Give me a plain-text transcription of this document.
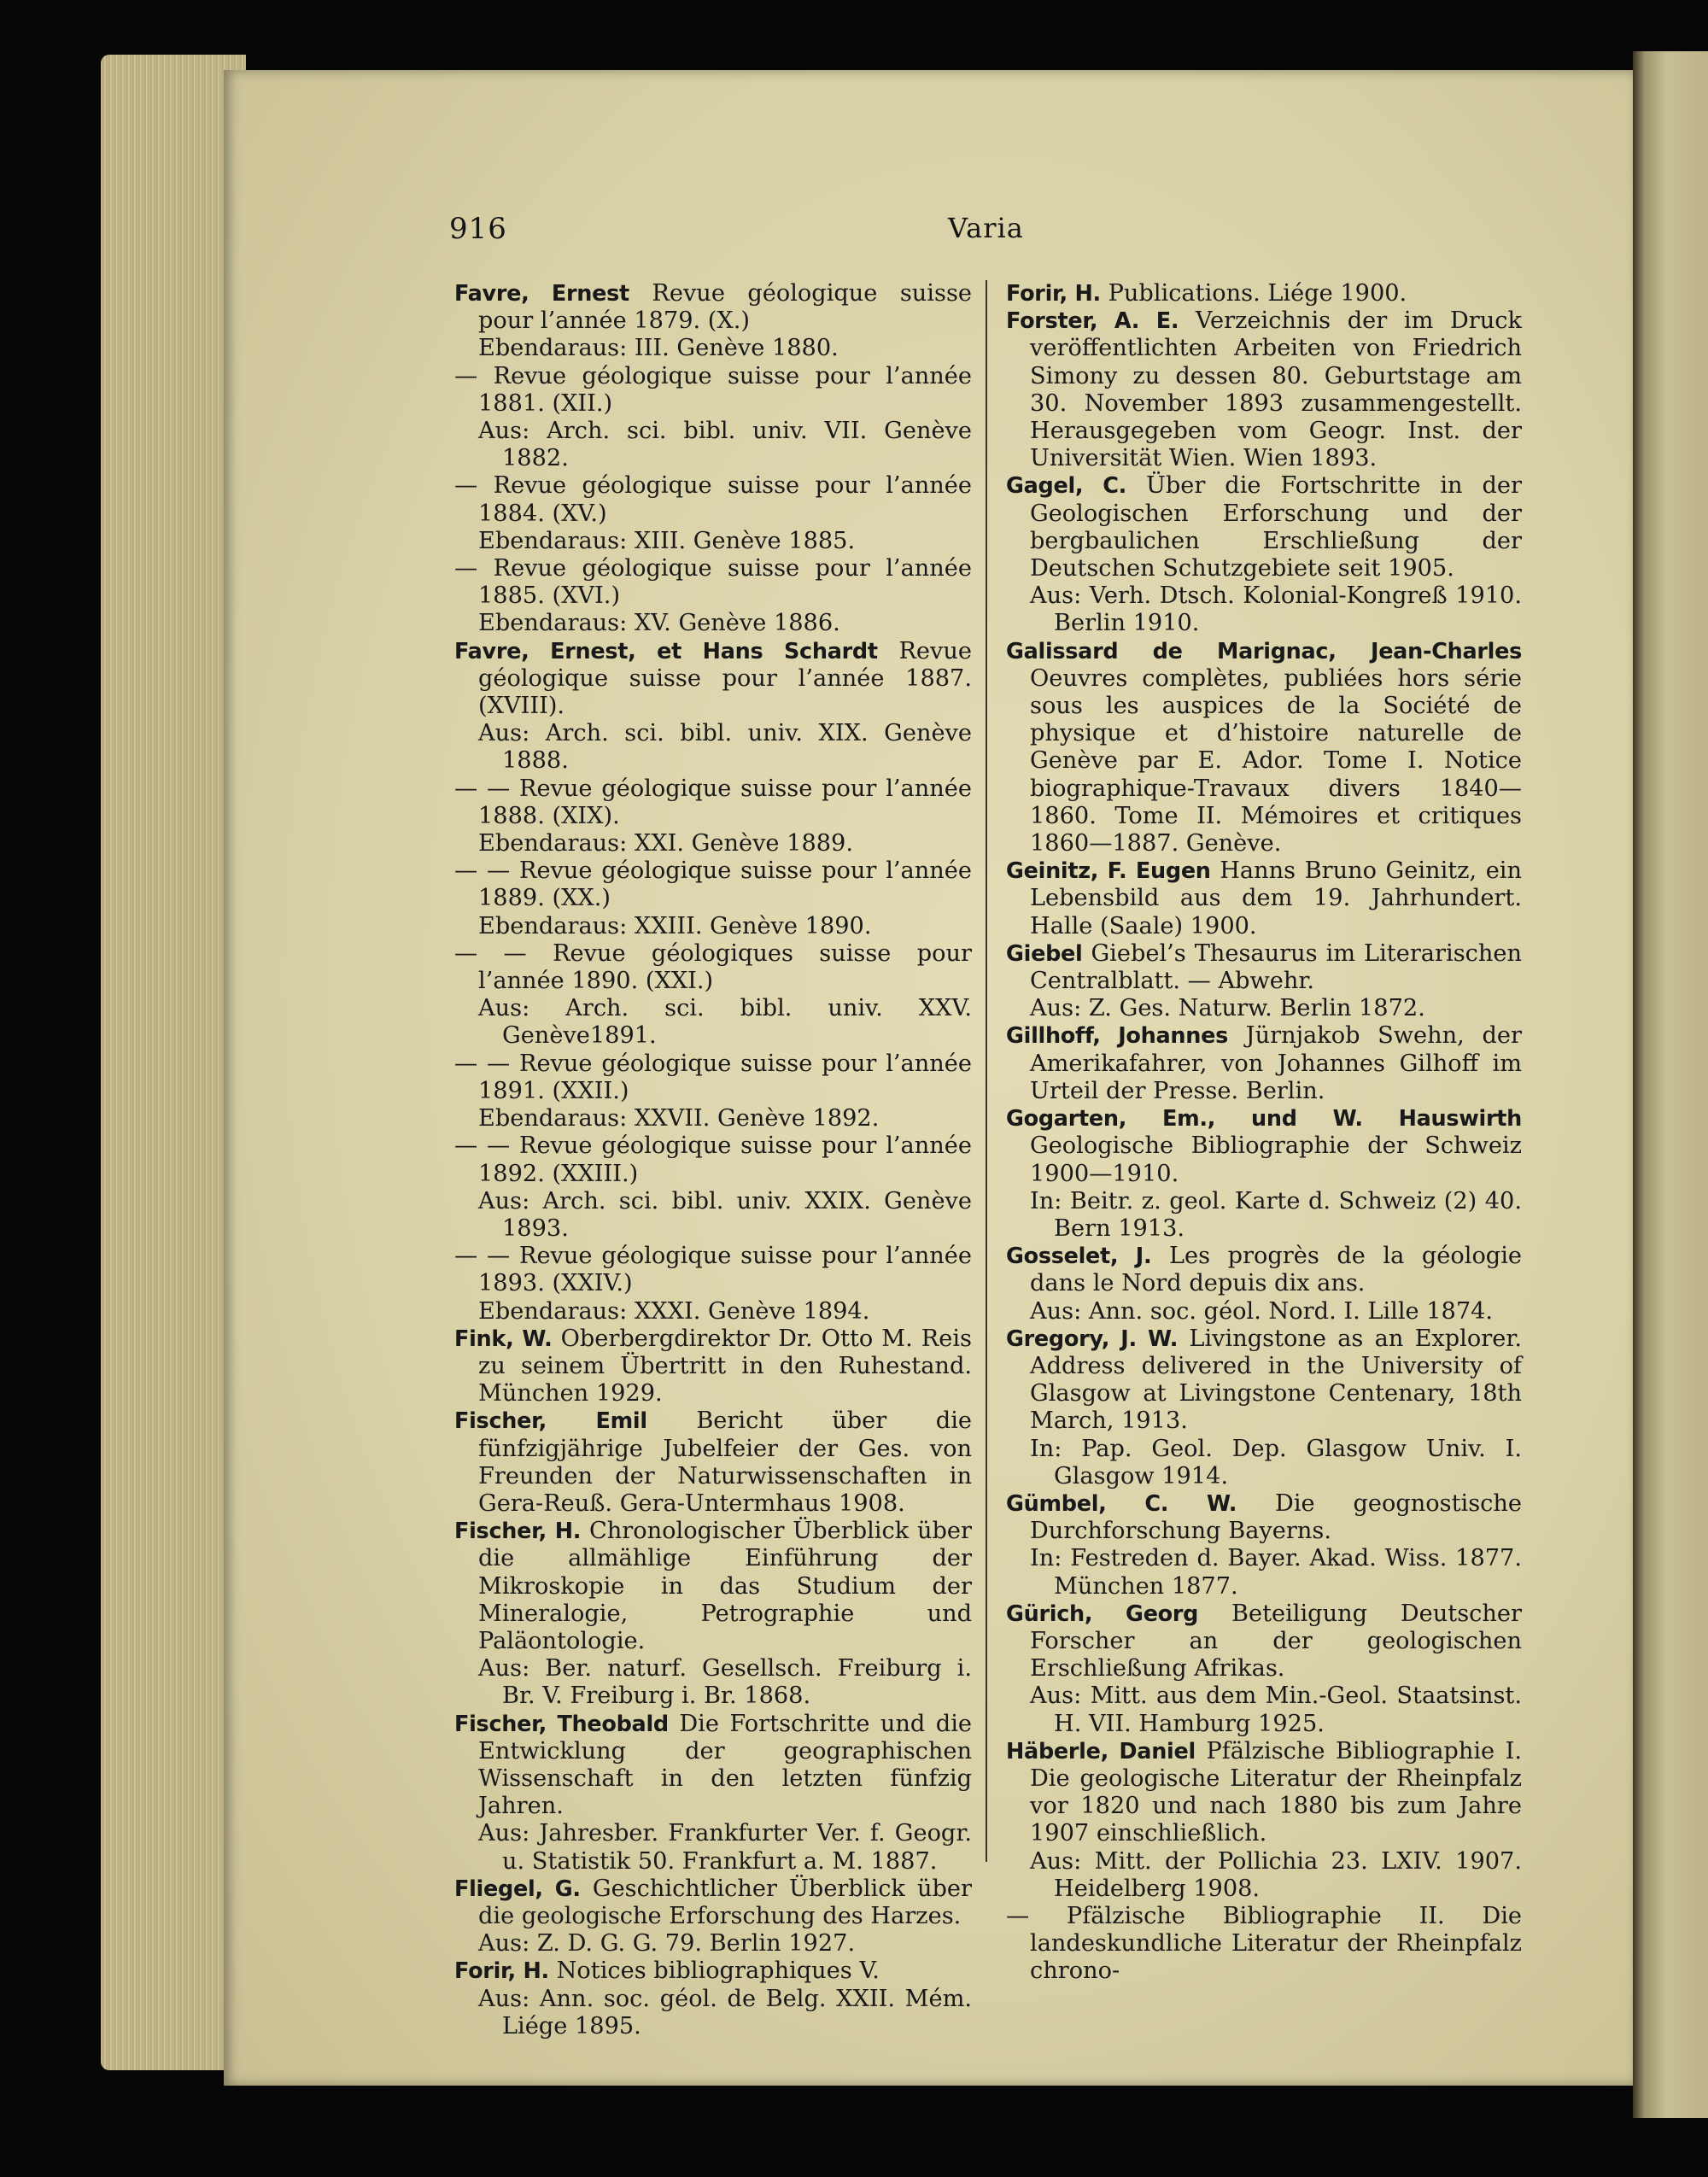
916	Varia
Favre, Ernest Revue géologique suisse pour l’année 1879. (X.)
Ebendaraus: III. Genève 1880.
— Revue géologique suisse pour l’année 1881. (XII.)
Aus: Arch. sci. bibl. univ. VII. Genève 1882.
— Revue géologique suisse pour l’année 1884. (XV.)
Ebendaraus: XIII. Genève 1885.
— Revue géologique suisse pour l’année 1885. (XVI.)
Ebendaraus: XV. Genève 1886.
Favre, Ernest, et Hans Schardt Revue géologique suisse pour l’année 1887. (XVIII).
Aus: Arch. sci. bibl. univ. XIX. Genève 1888.
— — Revue géologique suisse pour l’année 1888. (XIX).
Ebendaraus: XXI. Genève 1889.
— — Revue géologique suisse pour l’année 1889. (XX.)
Ebendaraus: XXIII. Genève 1890.
— — Revue géologiques suisse pour l’année 1890. (XXI.)
Aus: Arch. sci. bibl. univ. XXV. Genève1891.
— — Revue géologique suisse pour l’année 1891. (XXII.)
Ebendaraus: XXVII. Genève 1892.
— — Revue géologique suisse pour l’année 1892. (XXIII.)
Aus: Arch. sci. bibl. univ. XXIX. Genève 1893.
— — Revue géologique suisse pour l’année 1893. (XXIV.)
Ebendaraus: XXXI. Genève 1894.
Fink, W. Oberbergdirektor Dr. Otto M. Reis zu seinem Übertritt in den Ruhestand. München 1929.
Fischer, Emil Bericht über die fünfzigjährige Jubelfeier der Ges. von Freunden der Naturwissenschaften in Gera-Reuß. Gera-Untermhaus 1908.
Fischer, H. Chronologischer Überblick über die allmählige Einführung der Mikroskopie in das Studium der Mineralogie, Petrographie und Paläontologie.
Aus: Ber. naturf. Gesellsch. Freiburg i. Br. V. Freiburg i. Br. 1868.
Fischer, Theobald Die Fortschritte und die Entwicklung der geographischen Wissenschaft in den letzten fünfzig Jahren.
Aus: Jahresber. Frankfurter Ver. f. Geogr. u. Statistik 50. Frankfurt a. M. 1887.
Fliegel, G. Geschichtlicher Überblick über die geologische Erforschung des Harzes.
Aus: Z. D. G. G. 79. Berlin 1927.
Forir, H. Notices bibliographiques V.
Aus: Ann. soc. géol. de Belg. XXII. Mém. Liége 1895.
Forir, H. Publications. Liége 1900.
Forster, A. E. Verzeichnis der im Druck veröffentlichten Arbeiten von Friedrich Simony zu dessen 80. Geburtstage am 30. November 1893 zusammengestellt. Herausgegeben vom Geogr. Inst. der Universität Wien. Wien 1893.
Gagel, C. Über die Fortschritte in der Geologischen Erforschung und der bergbaulichen Erschließung der Deutschen Schutzgebiete seit 1905.
Aus: Verh. Dtsch. Kolonial-Kongreß 1910. Berlin 1910.
Galissard de Marignac, Jean-Charles Oeuvres complètes, publiées hors série sous les auspices de la Société de physique et d’histoire naturelle de Genève par E. Ador. Tome I. Notice biographique-Travaux divers 1840—1860. Tome II. Mémoires et critiques 1860—1887. Genève.
Geinitz, F. Eugen Hanns Bruno Geinitz, ein Lebensbild aus dem 19. Jahrhundert. Halle (Saale) 1900.
Giebel Giebel’s Thesaurus im Literarischen Centralblatt. — Abwehr.
Aus: Z. Ges. Naturw. Berlin 1872.
Gillhoff, Johannes Jürnjakob Swehn, der Amerikafahrer, von Johannes Gilhoff im Urteil der Presse. Berlin.
Gogarten, Em., und W. Hauswirth Geologische Bibliographie der Schweiz 1900—1910.
In: Beitr. z. geol. Karte d. Schweiz (2) 40. Bern 1913.
Gosselet, J. Les progrès de la géologie dans le Nord depuis dix ans.
Aus: Ann. soc. géol. Nord. I. Lille 1874.
Gregory, J. W. Livingstone as an Explorer. Address delivered in the University of Glasgow at Livingstone Centenary, 18th March, 1913.
In: Pap. Geol. Dep. Glasgow Univ. I. Glasgow 1914.
Gümbel, C. W. Die geognostische Durchforschung Bayerns.
In: Festreden d. Bayer. Akad. Wiss. 1877. München 1877.
Gürich, Georg Beteiligung Deutscher Forscher an der geologischen Erschließung Afrikas.
Aus: Mitt. aus dem Min.-Geol. Staatsinst. H. VII. Hamburg 1925.
Häberle, Daniel Pfälzische Bibliographie I. Die geologische Literatur der Rheinpfalz vor 1820 und nach 1880 bis zum Jahre 1907 einschließlich.
Aus: Mitt. der Pollichia 23. LXIV. 1907. Heidelberg 1908.
— Pfälzische Bibliographie II. Die landeskundliche Literatur der Rheinpfalz chrono-
